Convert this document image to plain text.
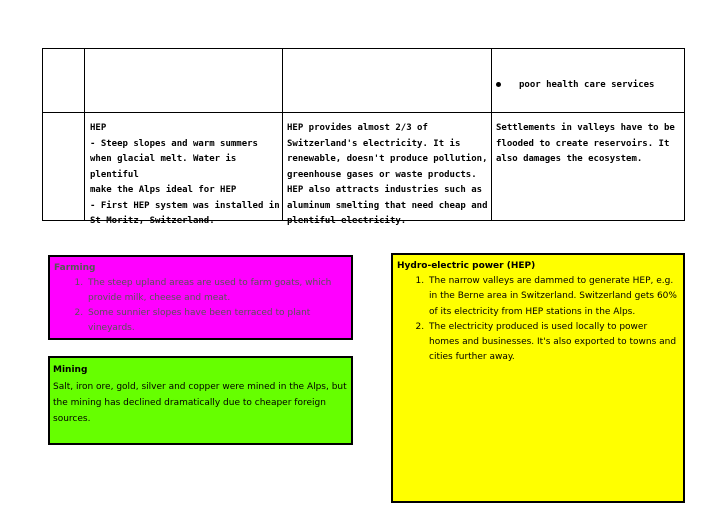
poor health care services
HEP
- Steep slopes and warm summers
when glacial melt. Water is plentiful
make the Alps ideal for HEP
- First HEP system was installed in
St Moritz, Switzerland.
HEP provides almost 2/3 of
Switzerland's electricity. It is
renewable, doesn't produce pollution,
greenhouse gases or waste products.
HEP also attracts industries such as
aluminum smelting that need cheap and
plentiful electricity.
Settlements in valleys have to be
flooded to create reservoirs. It
also damages the ecosystem.
Farming
1. The steep upland areas are used to farm goats, which provide milk, cheese and meat.
2. Some sunnier slopes have been terraced to plant vineyards.
Mining
Salt, iron ore, gold, silver and copper were mined in the Alps, but the mining has declined dramatically due to cheaper foreign sources.
Hydro-electric power (HEP)
1. The narrow valleys are dammed to generate HEP, e.g. in the Berne area in Switzerland. Switzerland gets 60% of its electricity from HEP stations in the Alps.
2. The electricity produced is used locally to power homes and businesses. It's also exported to towns and cities further away.
